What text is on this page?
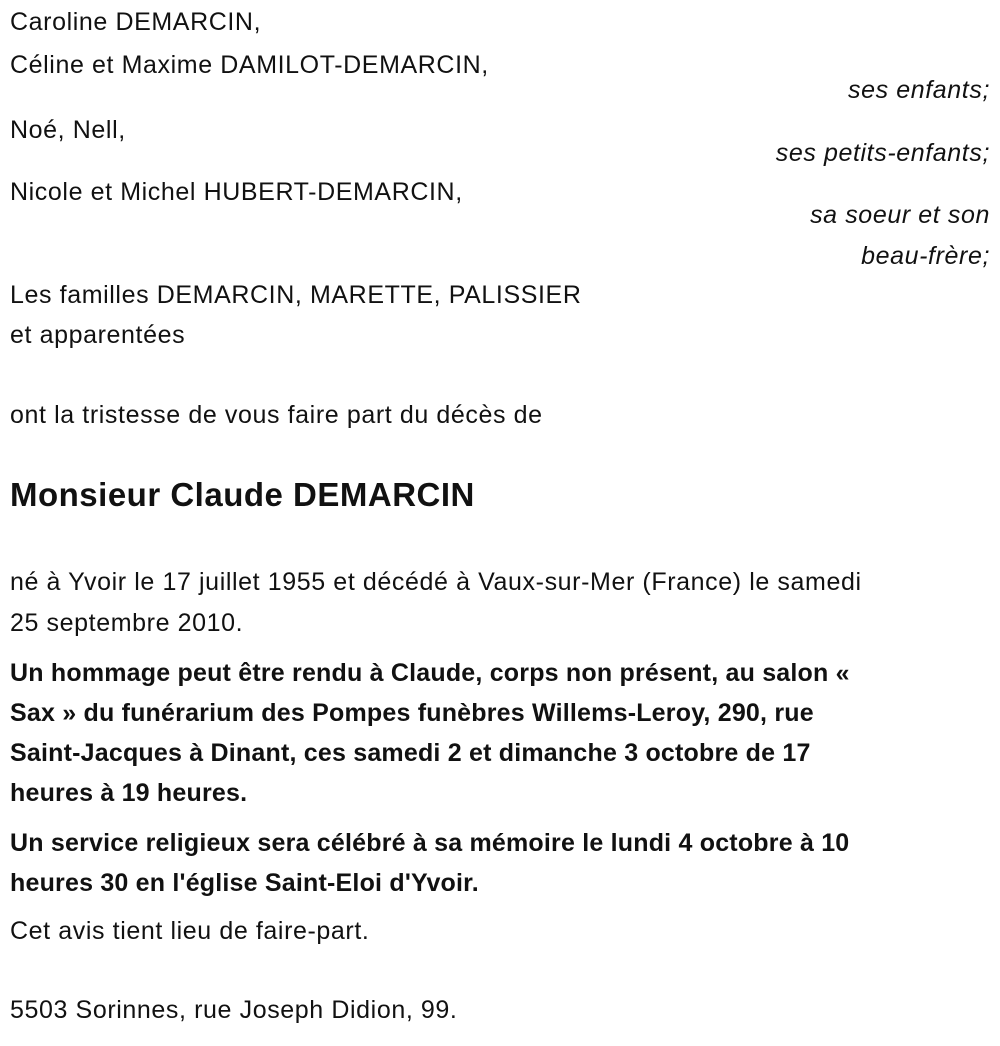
Caroline DEMARCIN,
Céline et Maxime DAMILOT-DEMARCIN,
ses enfants;
Noé, Nell,
ses petits-enfants;
Nicole et Michel HUBERT-DEMARCIN,
sa soeur et son
beau-frère;
Les familles DEMARCIN, MARETTE, PALISSIER
et apparentées
ont la tristesse de vous faire part du décès de
Monsieur Claude DEMARCIN
né à Yvoir le 17 juillet 1955 et décédé à Vaux-sur-Mer (France) le samedi
25 septembre 2010.
Un hommage peut être rendu à Claude, corps non présent, au salon «
Sax » du funérarium des Pompes funèbres Willems-Leroy, 290, rue
Saint-Jacques à Dinant, ces samedi 2 et dimanche 3 octobre de 17
heures à 19 heures.
Un service religieux sera célébré à sa mémoire le lundi 4 octobre à 10
heures 30 en l'église Saint-Eloi d'Yvoir.
Cet avis tient lieu de faire-part.
5503 Sorinnes, rue Joseph Didion, 99.
